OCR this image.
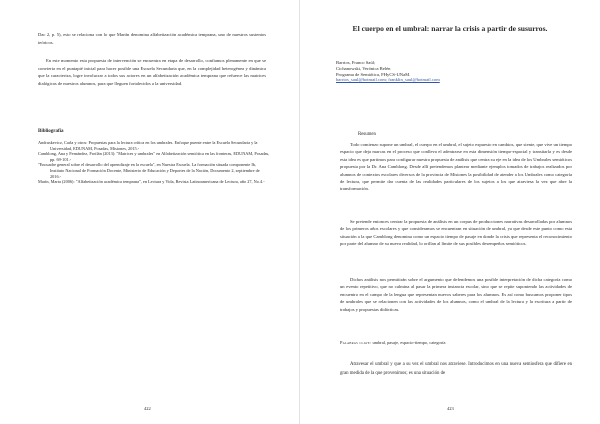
Dac 2, p. 5), esto se relaciona con lo que Martín denomina alfabetización académica temprana, uno de nuestros sustentos teóricos.

En este momento esta propuesta de intervención se encuentra en etapa de desarrollo, confiamos plenamente en que se convierta en el puntapié inicial para hacer posible una Escuela Secundaria que, en la complejidad heterogénea y dinámica que la caracteriza, logre involucrar a todos sus actores en un alfabetización académica temprana que refuerce las matrices dialógicas de nuestros alumnos, para que lleguen fortalecidos a la universidad.

Bibliografía
Andruskevicz, Carla y otros: Propuestas para la lectura crítica en los umbrales. Enfoque puente entre la Escuela Secundaria y la Universidad, EDUNAM, Posadas, Misiones, 2015.-
Camblong, Ana y Fernández, Froilán (2013): "Matrices y umbrales" en Alfabetización semiótica en las fronteras, EDUNAM, Posadas, pp. 69-101.-
"Encuadre general sobre el desarrollo del aprendizaje en la escuela", en Nuestra Escuela. La formación situada componente Ib, Instituto Nacional de Formación Docente, Ministerio de Educación y Deportes de la Nación, Documento 2, septiembre de 2016.-
Marín, Marta (2006): "Alfabetización académica temprana", en Lectura y Vida, Revista Latinoamericana de Lectura, año 27, No.4.-
422
El cuerpo en el umbral: narrar la crisis a partir de susurros.
Barrios, Franco Saúl;
Cichanowski, Verónica Belén
Programa de Semiótica, FHyCS-UNaM.
barrios_saul@hotmail.com; franklin_saul@hotmail.com
Resumen

Todo comienzo supone un umbral, el cuerpo en el umbral, el sujeto expuesto en cambios, que siente, que vive un tiempo espacio que deja marcas en el proceso que conlleva el adentrarse en esta dimensión tiempo-espacial y transitarla y es desde esta idea es que partimos para configurar nuestra propuesta de análisis que centra su eje en la idea de los Umbrales semióticos propuesta por la Dr. Ana Camblong. Desde allí pretendemos plantear mediante ejemplos tomados de trabajos realizados por alumnos de contextos escolares diversos de la provincia de Misiones la posibilidad de atender a los Umbrales como categoría de lectura, que permite dar cuenta de las realidades particulares de los sujetos a los que atraviesa la vez que abre la transformación.

Se pretende entonces centrar la propuesta de análisis en un corpus de producciones narrativas desarrolladas por alumnos de los primeros años escolares y que consideramos se encuentran en situación de umbral, ya que desde este punto como esta situación a la que Camblong denomina como un espacio tiempo de pasaje en donde la crisis que representa el reconocimiento por parte del alumno de su nueva realidad, lo orillan al límite de sus posibles desempeños semióticos.

Dichos análisis nos permitirán sobre el argumento que defendemos una posible interpretación de dicha categoría como un evento repetitivo, que no culmina al pasar la primera instancia escolar, sino que se repite suponiendo las actividades de encuentro en el campo de la lengua que representan nuevos saberes para los alumnos. Es así como buscamos proponer tipos de umbrales que se relacionen con las actividades de los alumnos, como el umbral de la lectura y la escritura a partir de trabajos y propuestas didácticas.

Palabras clave: umbral, pasaje, espacio-tiempo, categoría

Atravesar el umbral y que a su vez el umbral nos atraviese. Introducimos en una nueva semiosfera que difiere en gran medida de la que provenimos; es una situación de

423
